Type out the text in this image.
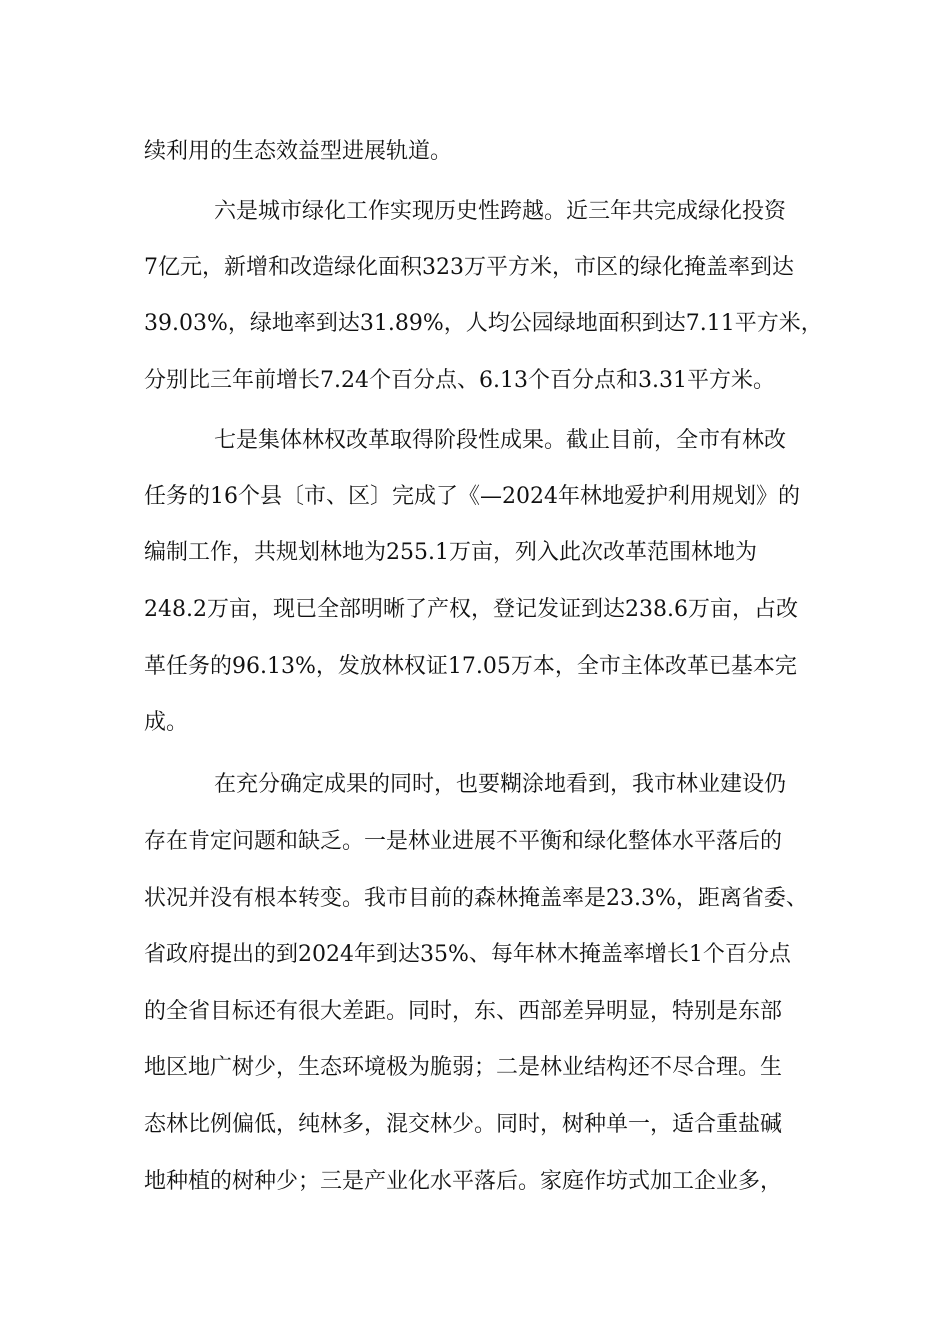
续利用的生态效益型进展轨道。
六是城市绿化工作实现历史性跨越。近三年共完成绿化投资
7亿元，新增和改造绿化面积323万平方米，市区的绿化掩盖率到达
39.03%，绿地率到达31.89%，人均公园绿地面积到达7.11平方米，
分别比三年前增长7.24个百分点、6.13个百分点和3.31平方米。
七是集体林权改革取得阶段性成果。截止目前，全市有林改
任务的16个县〔市、区〕完成了《—2024年林地爱护利用规划》的
编制工作，共规划林地为255.1万亩，列入此次改革范围林地为
248.2万亩，现已全部明晰了产权，登记发证到达238.6万亩，占改
革任务的96.13%，发放林权证17.05万本，全市主体改革已基本完
成。
在充分确定成果的同时，也要糊涂地看到，我市林业建设仍
存在肯定问题和缺乏。一是林业进展不平衡和绿化整体水平落后的
状况并没有根本转变。我市目前的森林掩盖率是23.3%，距离省委、
省政府提出的到2024年到达35%、每年林木掩盖率增长1个百分点
的全省目标还有很大差距。同时，东、西部差异明显，特别是东部
地区地广树少，生态环境极为脆弱；二是林业结构还不尽合理。生
态林比例偏低，纯林多，混交林少。同时，树种单一，适合重盐碱
地种植的树种少；三是产业化水平落后。家庭作坊式加工企业多，
